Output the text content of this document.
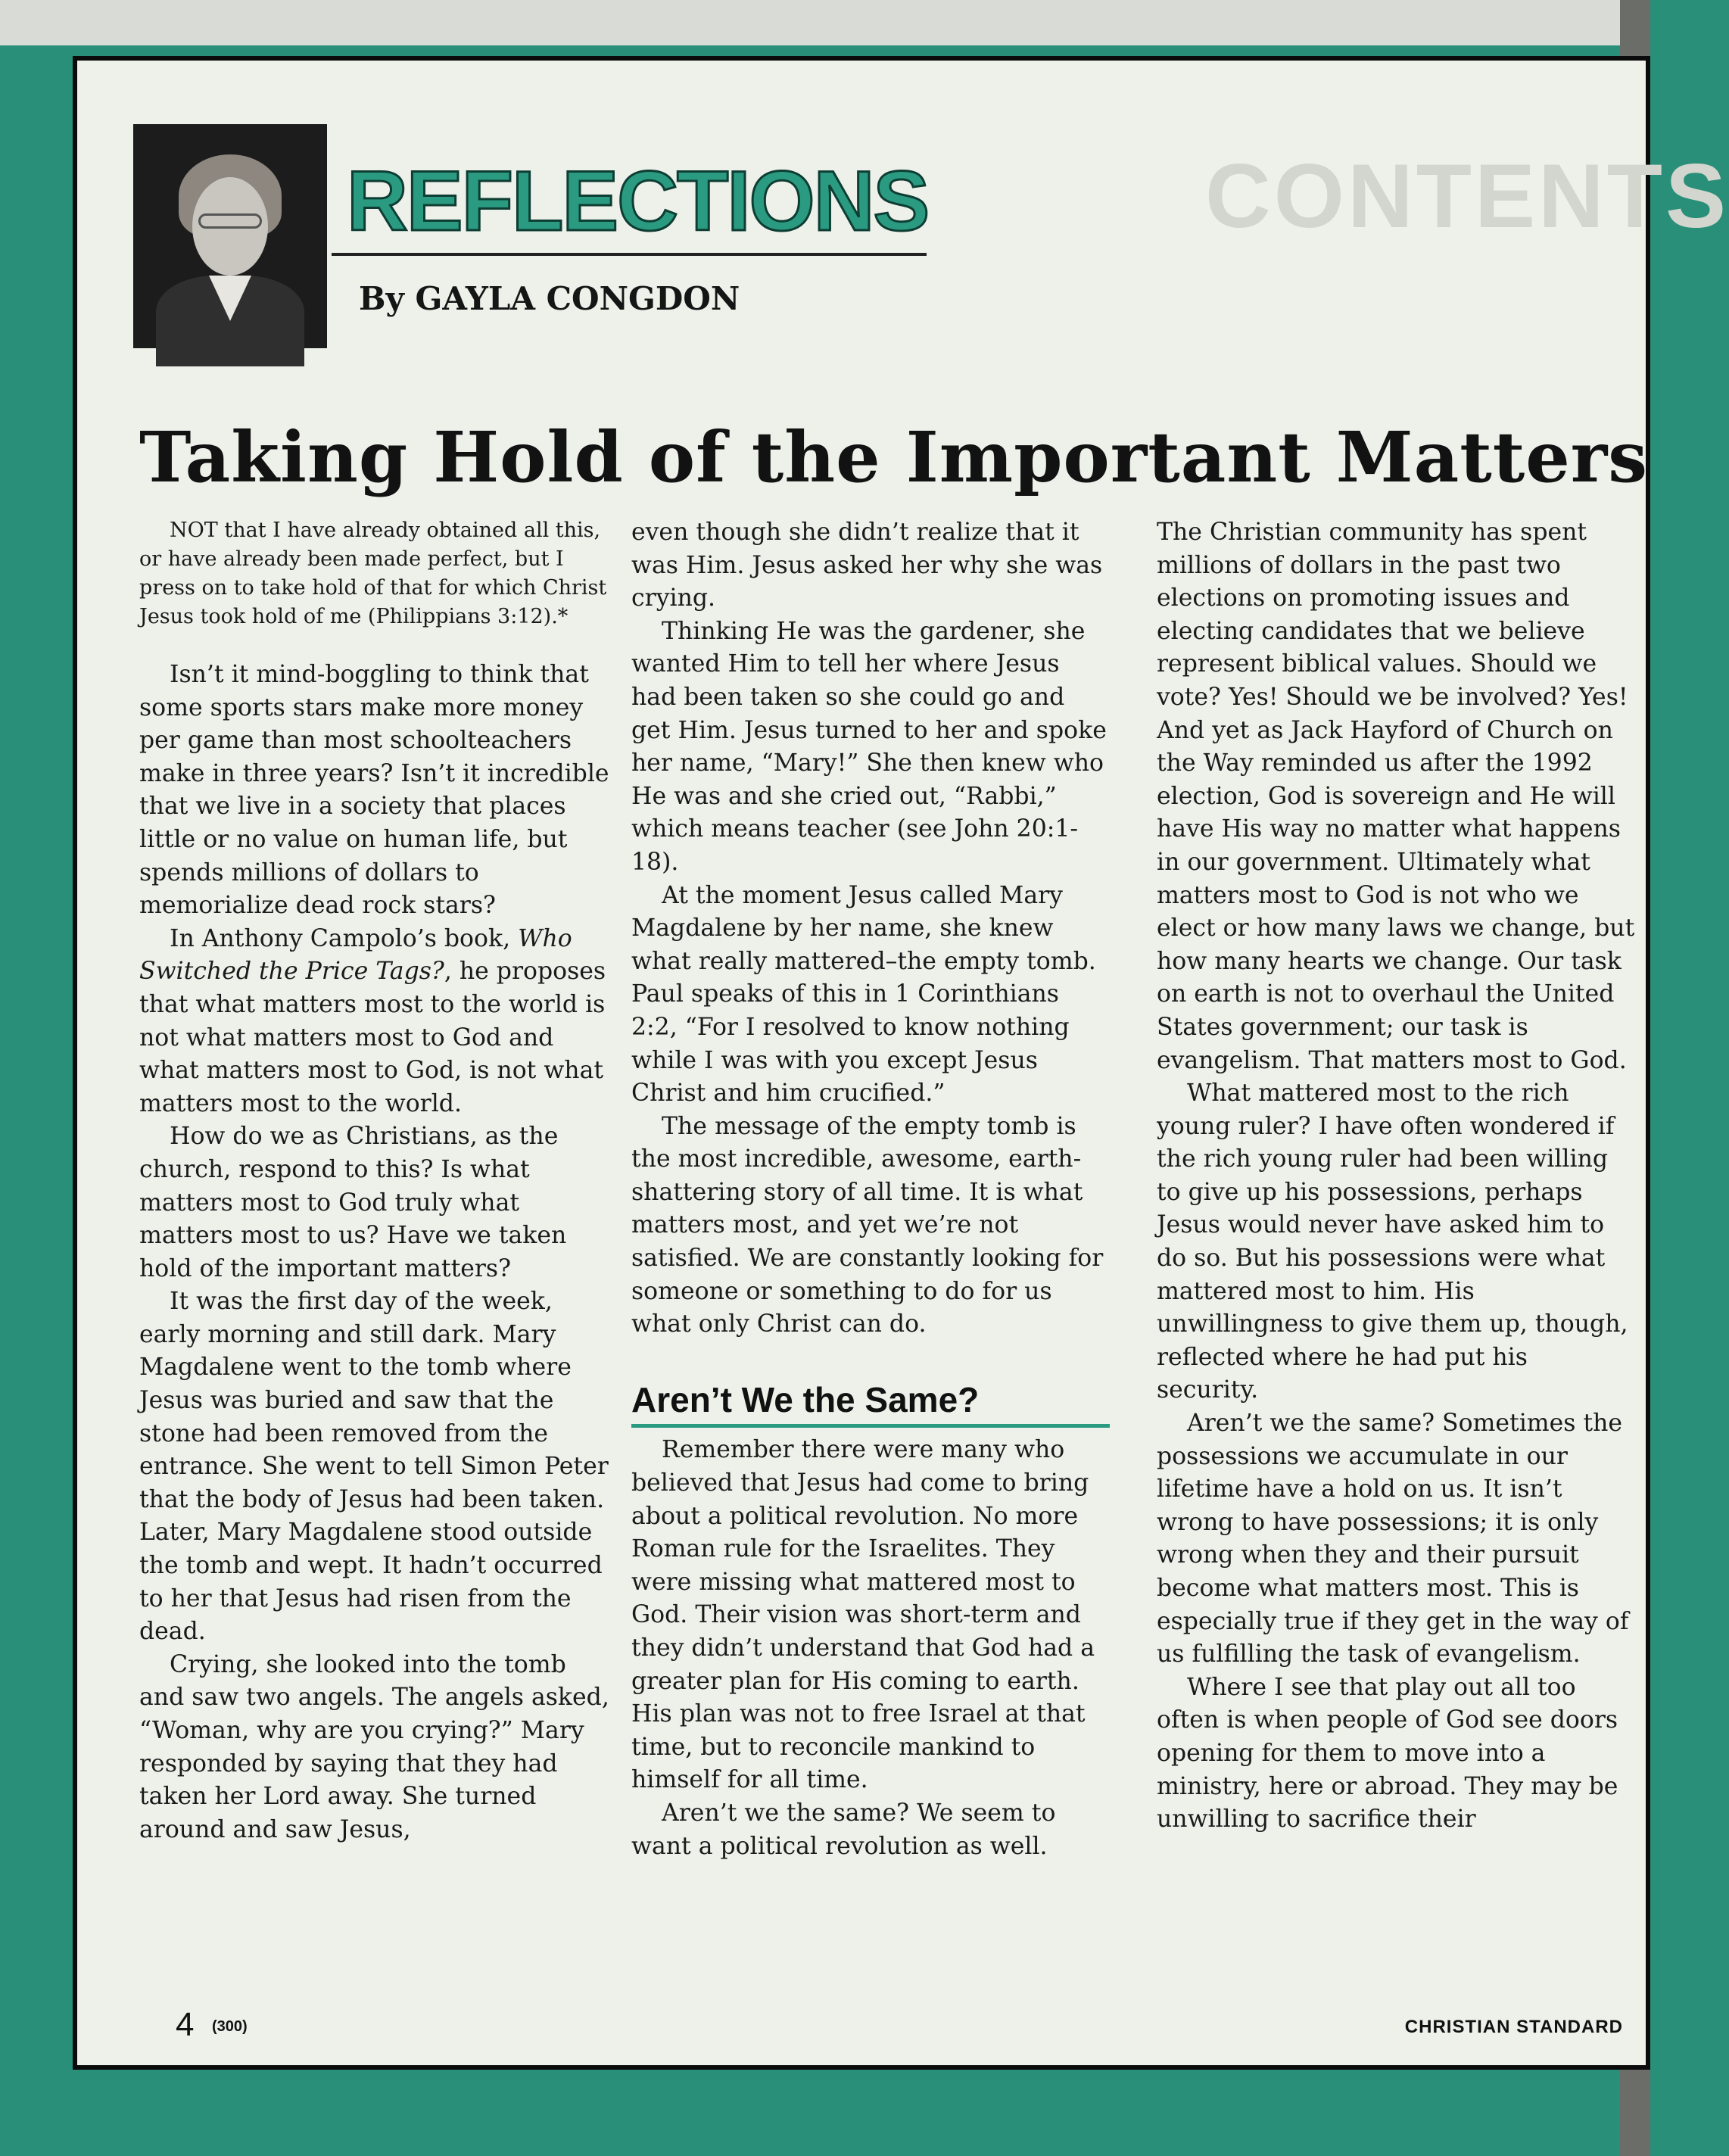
CONTENTS
REFLECTIONS
By GAYLA CONGDON
Taking Hold of the Important Matters

NOT that I have already obtained all this, or have already been made perfect, but I press on to take hold of that for which Christ Jesus took hold of me (Philippians 3:12).*

Isn’t it mind-boggling to think that some sports stars make more money per game than most schoolteachers make in three years? Isn’t it incredible that we live in a society that places little or no value on human life, but spends millions of dollars to memorialize dead rock stars?

In Anthony Campolo’s book, Who Switched the Price Tags?, he proposes that what matters most to the world is not what matters most to God and what matters most to God, is not what matters most to the world.

How do we as Christians, as the church, respond to this? Is what matters most to God truly what matters most to us? Have we taken hold of the important matters?

It was the first day of the week, early morning and still dark. Mary Magdalene went to the tomb where Jesus was buried and saw that the stone had been removed from the entrance. She went to tell Simon Peter that the body of Jesus had been taken. Later, Mary Magdalene stood outside the tomb and wept. It hadn’t occurred to her that Jesus had risen from the dead.

Crying, she looked into the tomb and saw two angels. The angels asked, “Woman, why are you crying?” Mary responded by saying that they had taken her Lord away. She turned around and saw Jesus,

even though she didn’t realize that it was Him. Jesus asked her why she was crying.

Thinking He was the gardener, she wanted Him to tell her where Jesus had been taken so she could go and get Him. Jesus turned to her and spoke her name, “Mary!” She then knew who He was and she cried out, “Rabbi,” which means teacher (see John 20:1-18).

At the moment Jesus called Mary Magdalene by her name, she knew what really mattered–the empty tomb. Paul speaks of this in 1 Corinthians 2:2, “For I resolved to know nothing while I was with you except Jesus Christ and him crucified.”

The message of the empty tomb is the most incredible, awesome, earth-shattering story of all time. It is what matters most, and yet we’re not satisfied. We are constantly looking for someone or something to do for us what only Christ can do.

Aren’t We the Same?

Remember there were many who believed that Jesus had come to bring about a political revolution. No more Roman rule for the Israelites. They were missing what mattered most to God. Their vision was short-term and they didn’t understand that God had a greater plan for His coming to earth. His plan was not to free Israel at that time, but to reconcile mankind to himself for all time.

Aren’t we the same? We seem to want a political revolution as well.

The Christian community has spent millions of dollars in the past two elections on promoting issues and electing candidates that we believe represent biblical values. Should we vote? Yes! Should we be involved? Yes! And yet as Jack Hayford of Church on the Way reminded us after the 1992 election, God is sovereign and He will have His way no matter what happens in our government. Ultimately what matters most to God is not who we elect or how many laws we change, but how many hearts we change. Our task on earth is not to overhaul the United States government; our task is evangelism. That matters most to God.

What mattered most to the rich young ruler? I have often wondered if the rich young ruler had been willing to give up his possessions, perhaps Jesus would never have asked him to do so. But his possessions were what mattered most to him. His unwillingness to give them up, though, reflected where he had put his security.

Aren’t we the same? Sometimes the possessions we accumulate in our lifetime have a hold on us. It isn’t wrong to have possessions; it is only wrong when they and their pursuit become what matters most. This is especially true if they get in the way of us fulfilling the task of evangelism.

Where I see that play out all too often is when people of God see doors opening for them to move into a ministry, here or abroad. They may be unwilling to sacrifice their

4 (300)	CHRISTIAN STANDARD
